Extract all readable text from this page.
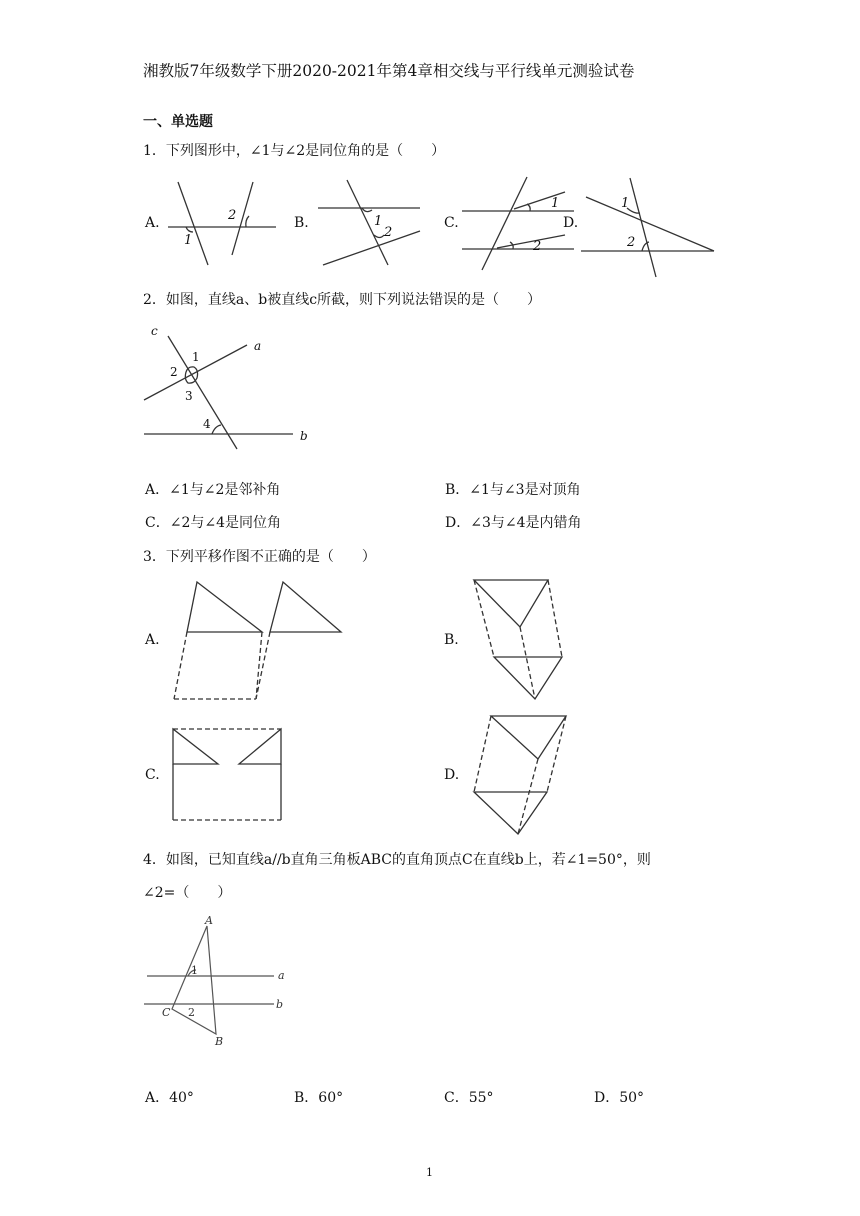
湘教版7年级数学下册2020-2021年第4章相交线与平行线单元测验试卷
一、单选题
1．下列图形中，∠1与∠2是同位角的是（　　）
A.	B.	C.	D.
2
1
1
2
1
2
1
2
2．如图，直线a、b被直线c所截，则下列说法错误的是（　　）
c
a
b
1
2
3
4
A．∠1与∠2是邻补角	B．∠1与∠3是对顶角
C．∠2与∠4是同位角	D．∠3与∠4是内错角
3．下列平移作图不正确的是（　　）
A.	B.
C.	D.
4．如图，已知直线a//b直角三角板ABC的直角顶点C在直线b上，若∠1=50°，则
∠2=（　　）
A
B
C
a
b
1
2
A．40°	B．60°	C．55°	D．50°
1
